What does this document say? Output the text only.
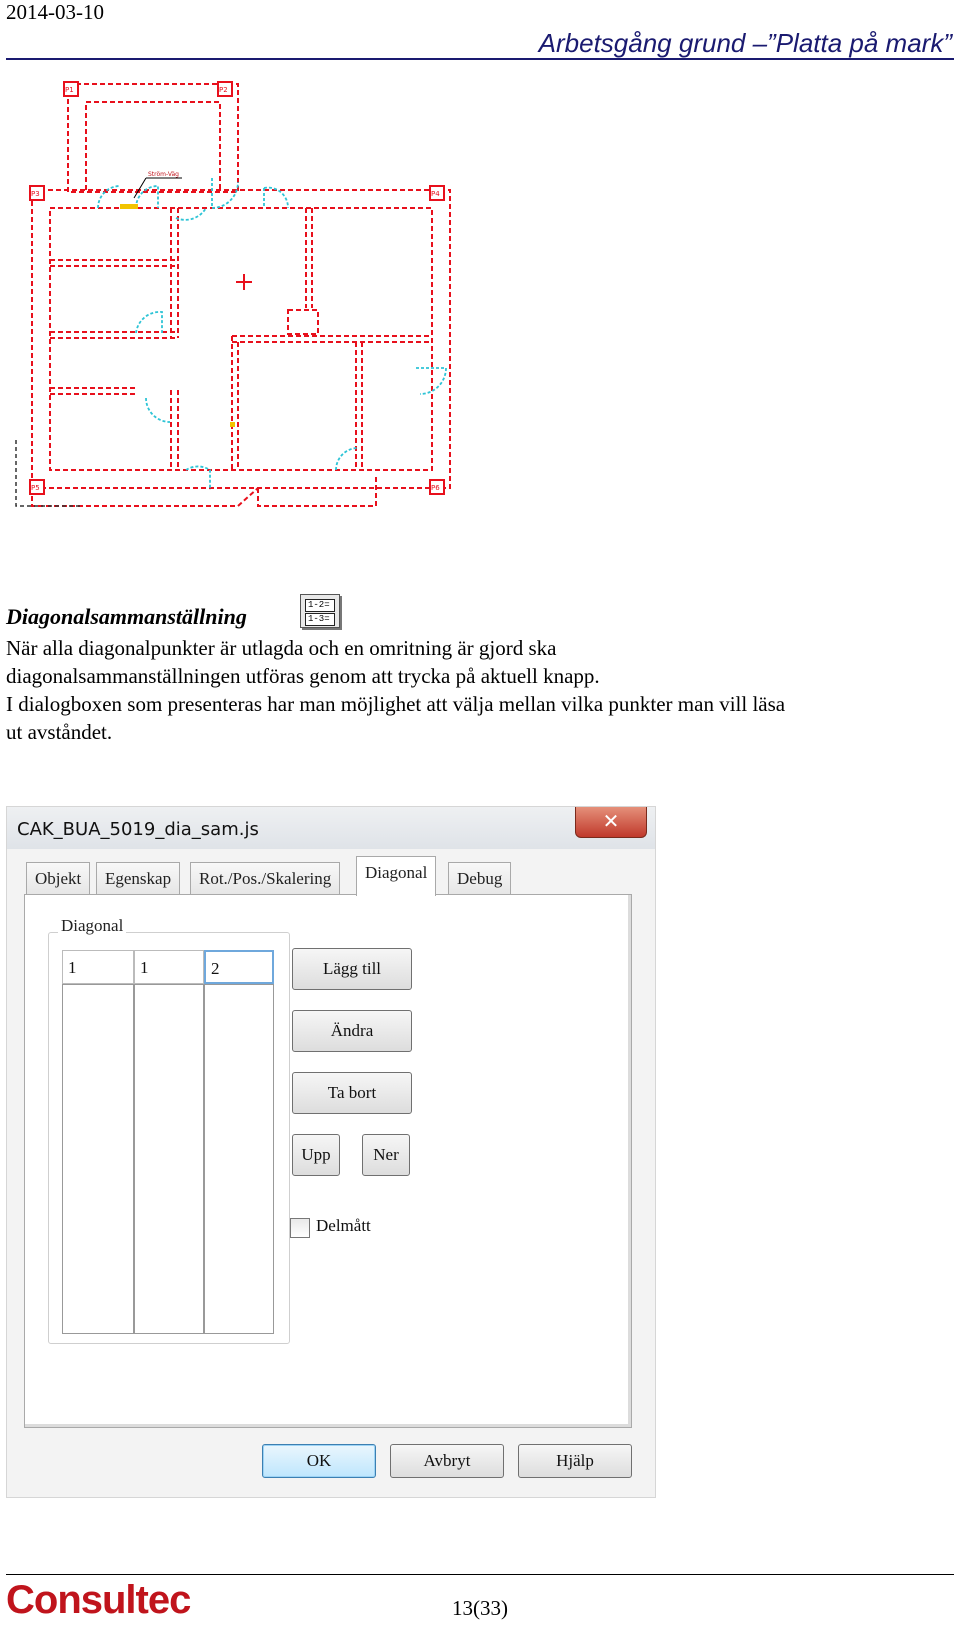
2014-03-10
Arbetsgång grund –”Platta på mark”
P1	P2
P3	P4
P5	P6
Ström-Väg
Diagonalsammanställning	1-2=
1-3=
När alla diagonalpunkter är utlagda och en omritning är gjord ska
diagonalsammanställningen utföras genom att trycka på aktuell knapp.
I dialogboxen som presenteras har man möjlighet att välja mellan vilka punkter man vill läsa
ut avståndet.
CAK_BUA_5019_dia_sam.js	✕
Objekt	Egenskap	Rot./Pos./Skalering	Diagonal	Debug
Diagonal
1	1	2	Lägg till
Ändra
Ta bort
Upp	Ner
Delmått
OK	Avbryt	Hjälp
Consultec	13(33)
